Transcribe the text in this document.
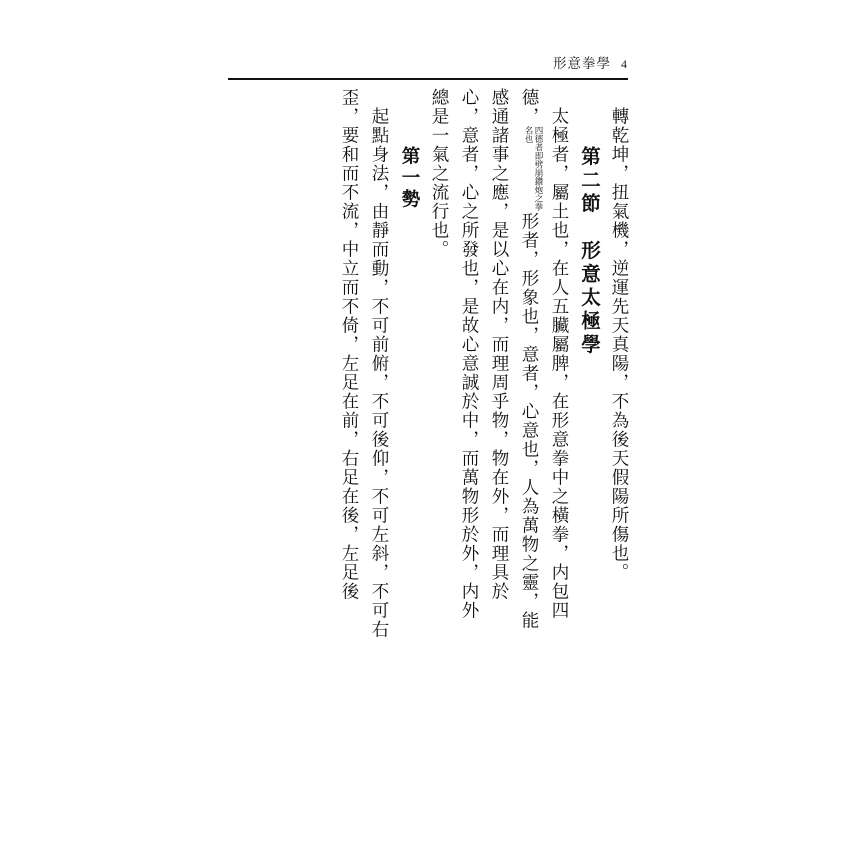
形意拳學 4
轉乾坤，扭氣機，逆運先天真陽，不為後天假陽所傷也。
第二節　形意太極學
太極者，屬土也，在人五臟屬脾，在形意拳中之橫拳，内包四
德，四德者即劈崩鑽炮之拳名也形者，形象也，意者，心意也，人為萬物之靈，能
感通諸事之應，是以心在内，而理周乎物，物在外，而理具於
心，意者，心之所發也，是故心意誠於中，而萬物形於外，内外
總是一氣之流行也。
第一勢
起點身法，由靜而動，不可前俯，不可後仰，不可左斜，不可右
歪，要和而不流，中立而不倚，左足在前，右足在後，左足後
